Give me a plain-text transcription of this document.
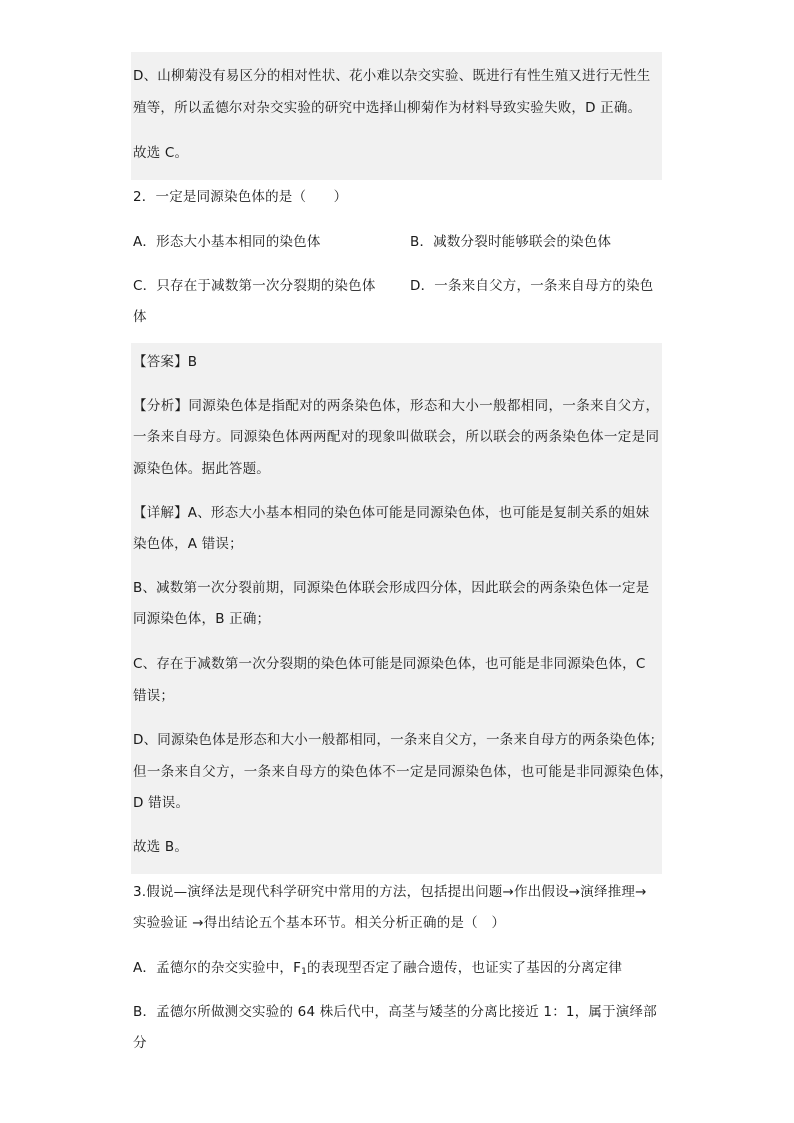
D、山柳菊没有易区分的相对性状、花小难以杂交实验、既进行有性生殖又进行无性生
殖等，所以孟德尔对杂交实验的研究中选择山柳菊作为材料导致实验失败，D 正确。
故选 C。
2．一定是同源染色体的是（　　）
A．形态大小基本相同的染色体	B．减数分裂时能够联会的染色体
C．只存在于减数第一次分裂期的染色体	D．一条来自父方，一条来自母方的染色
体
【答案】B
【分析】同源染色体是指配对的两条染色体，形态和大小一般都相同，一条来自父方，
一条来自母方。同源染色体两两配对的现象叫做联会，所以联会的两条染色体一定是同
源染色体。据此答题。
【详解】A、形态大小基本相同的染色体可能是同源染色体，也可能是复制关系的姐妹
染色体，A 错误；
B、减数第一次分裂前期，同源染色体联会形成四分体，因此联会的两条染色体一定是
同源染色体，B 正确；
C、存在于减数第一次分裂期的染色体可能是同源染色体，也可能是非同源染色体，C
错误；
D、同源染色体是形态和大小一般都相同，一条来自父方，一条来自母方的两条染色体;
但一条来自父方，一条来自母方的染色体不一定是同源染色体，也可能是非同源染色体，
D 错误。
故选 B。
3.假说—演绎法是现代科学研究中常用的方法，包括提出问题→作出假设→演绎推理→
实验验证 →得出结论五个基本环节。相关分析正确的是（　）
A．孟德尔的杂交实验中，$F_1$的表现型否定了融合遗传，也证实了基因的分离定律
B．孟德尔所做测交实验的 64 株后代中，高茎与矮茎的分离比接近 1：1，属于演绎部
分
